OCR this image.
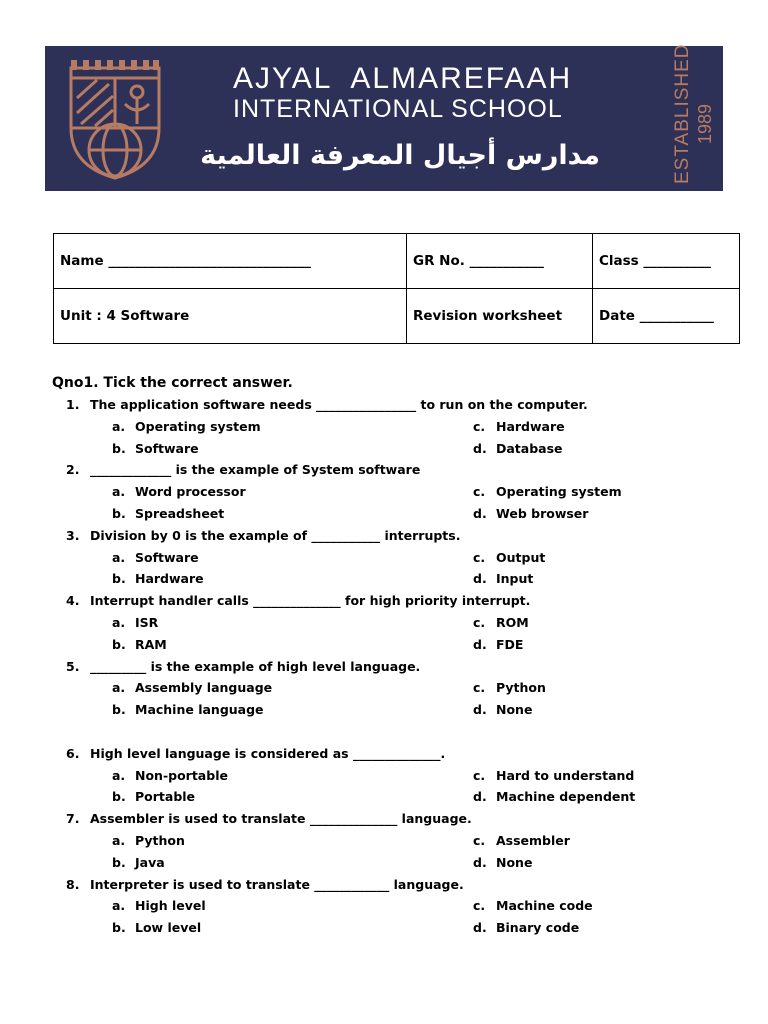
AJYAL  ALMAREFAAH
INTERNATIONAL SCHOOL
مدارس أجيال المعرفة العالمية	ESTABLISHED 1989
Name ______________________________	GR No. ___________	Class __________
Unit : 4 Software	Revision worksheet	Date ___________
Qno1. Tick the correct answer.
1. The application software needs ________________ to run on the computer.
a. Operating system	c. Hardware
b. Software	d. Database
2. _____________ is the example of System software
a. Word processor	c. Operating system
b. Spreadsheet	d. Web browser
3. Division by 0 is the example of ___________ interrupts.
a. Software	c. Output
b. Hardware	d. Input
4. Interrupt handler calls ______________ for high priority interrupt.
a. ISR	c. ROM
b. RAM	d. FDE
5. _________ is the example of high level language.
a. Assembly language	c. Python
b. Machine language	d. None
6. High level language is considered as ______________.
a. Non-portable	c. Hard to understand
b. Portable	d. Machine dependent
7. Assembler is used to translate ______________ language.
a. Python	c. Assembler
b. Java	d. None
8. Interpreter is used to translate ____________ language.
a. High level	c. Machine code
b. Low level	d. Binary code
